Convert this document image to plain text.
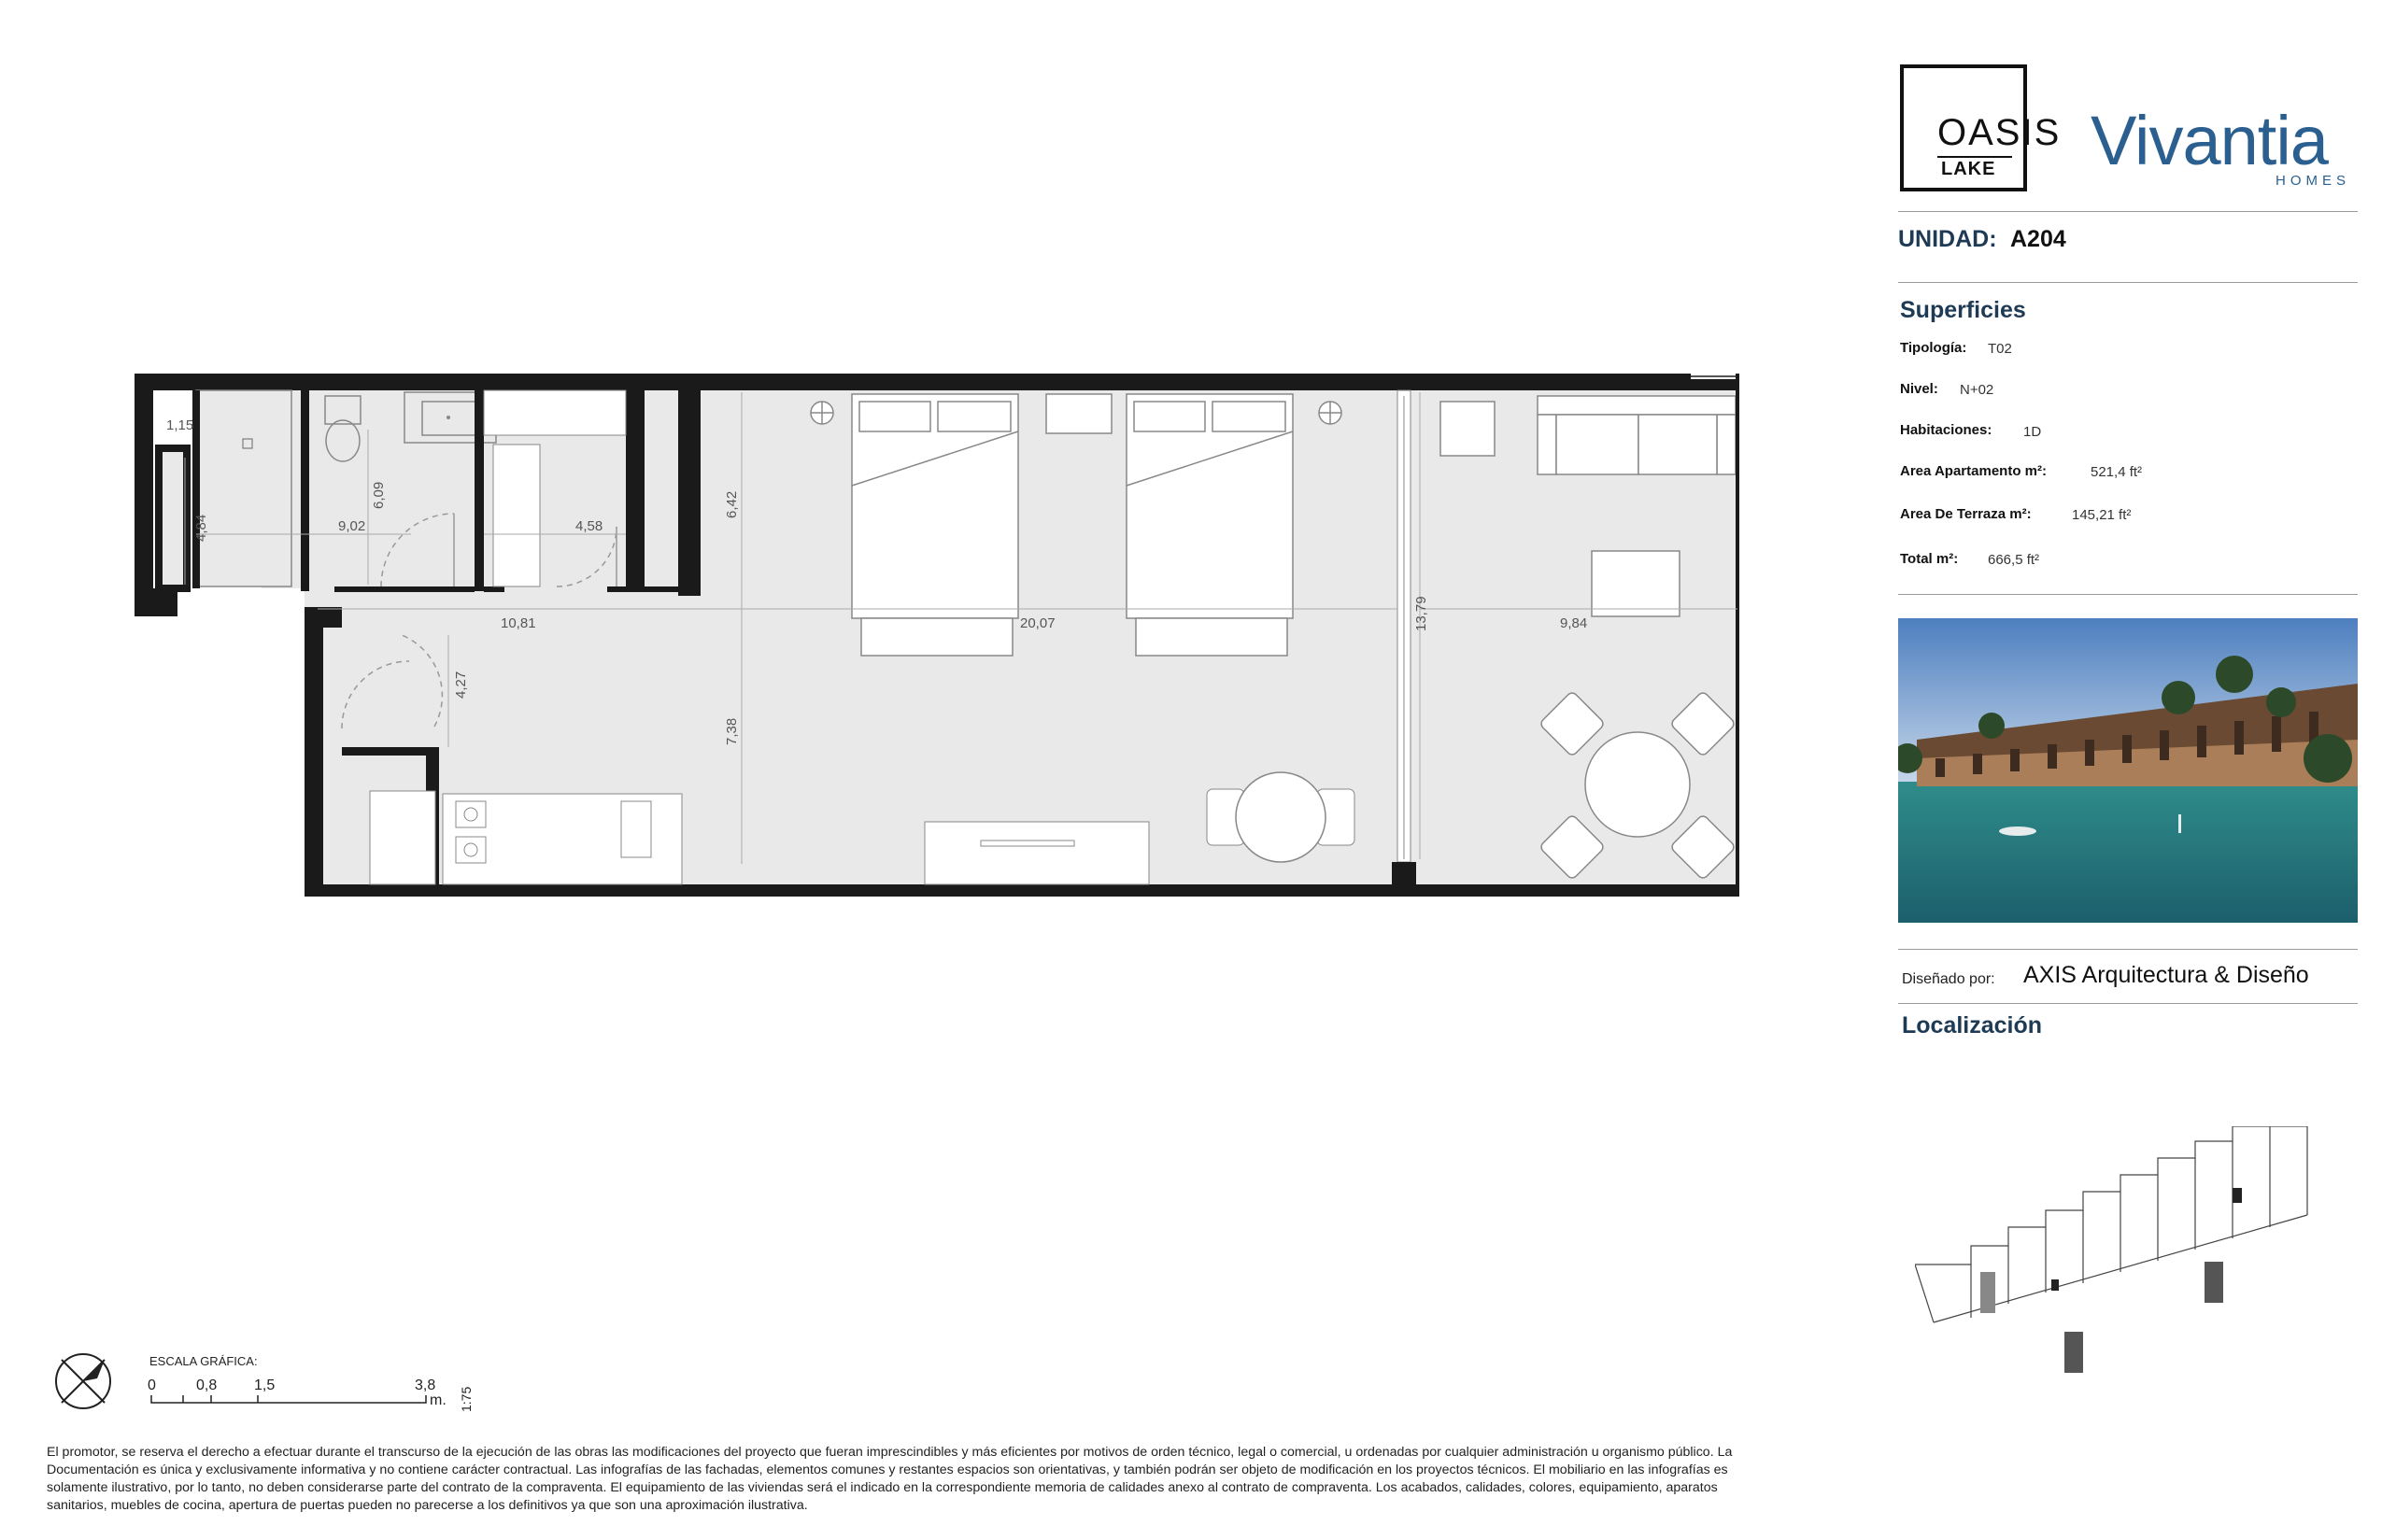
1,15
4,84	9,02
6,09
4,58
6,42
10,81	20,07	13,79	9,84
4,27
7,38
ESCALA GRÁFICA:
0	0,8 1,5	3,8
m. 1:75
El promotor, se reserva el derecho a efectuar durante el transcurso de la ejecución de las obras las modificaciones del proyecto que fueran imprescindibles y más eficientes por motivos de orden técnico, legal o comercial, u ordenadas por cualquier administración u organismo público. La Documentación es única y exclusivamente informativa y no contiene carácter contractual. Las infografías de las fachadas, elementos comunes y restantes espacios son orientativas, y también podrán ser objeto de modificación en los proyectos técnicos. El mobiliario en las infografías es solamente ilustrativo, por lo tanto, no deben considerarse parte del contrato de la compraventa. El equipamiento de las viviendas será el indicado en la correspondiente memoria de calidades anexo al contrato de compraventa. Los acabados, calidades, colores, equipamiento, aparatos sanitarios, muebles de cocina, apertura de puertas pueden no parecerse a los definitivos ya que son una aproximación ilustrativa.
OASIS
LAKE Vivantia
HOMES
UNIDAD: A204
Superficies
Tipología: T02
Nivel: N+02
Habitaciones: 1D
Area Apartamento m²:	521,4 ft²
Area De Terraza m²:	145,21 ft²
Total m²: 666,5 ft²
Diseñado por: AXIS Arquitectura & Diseño
Localización
